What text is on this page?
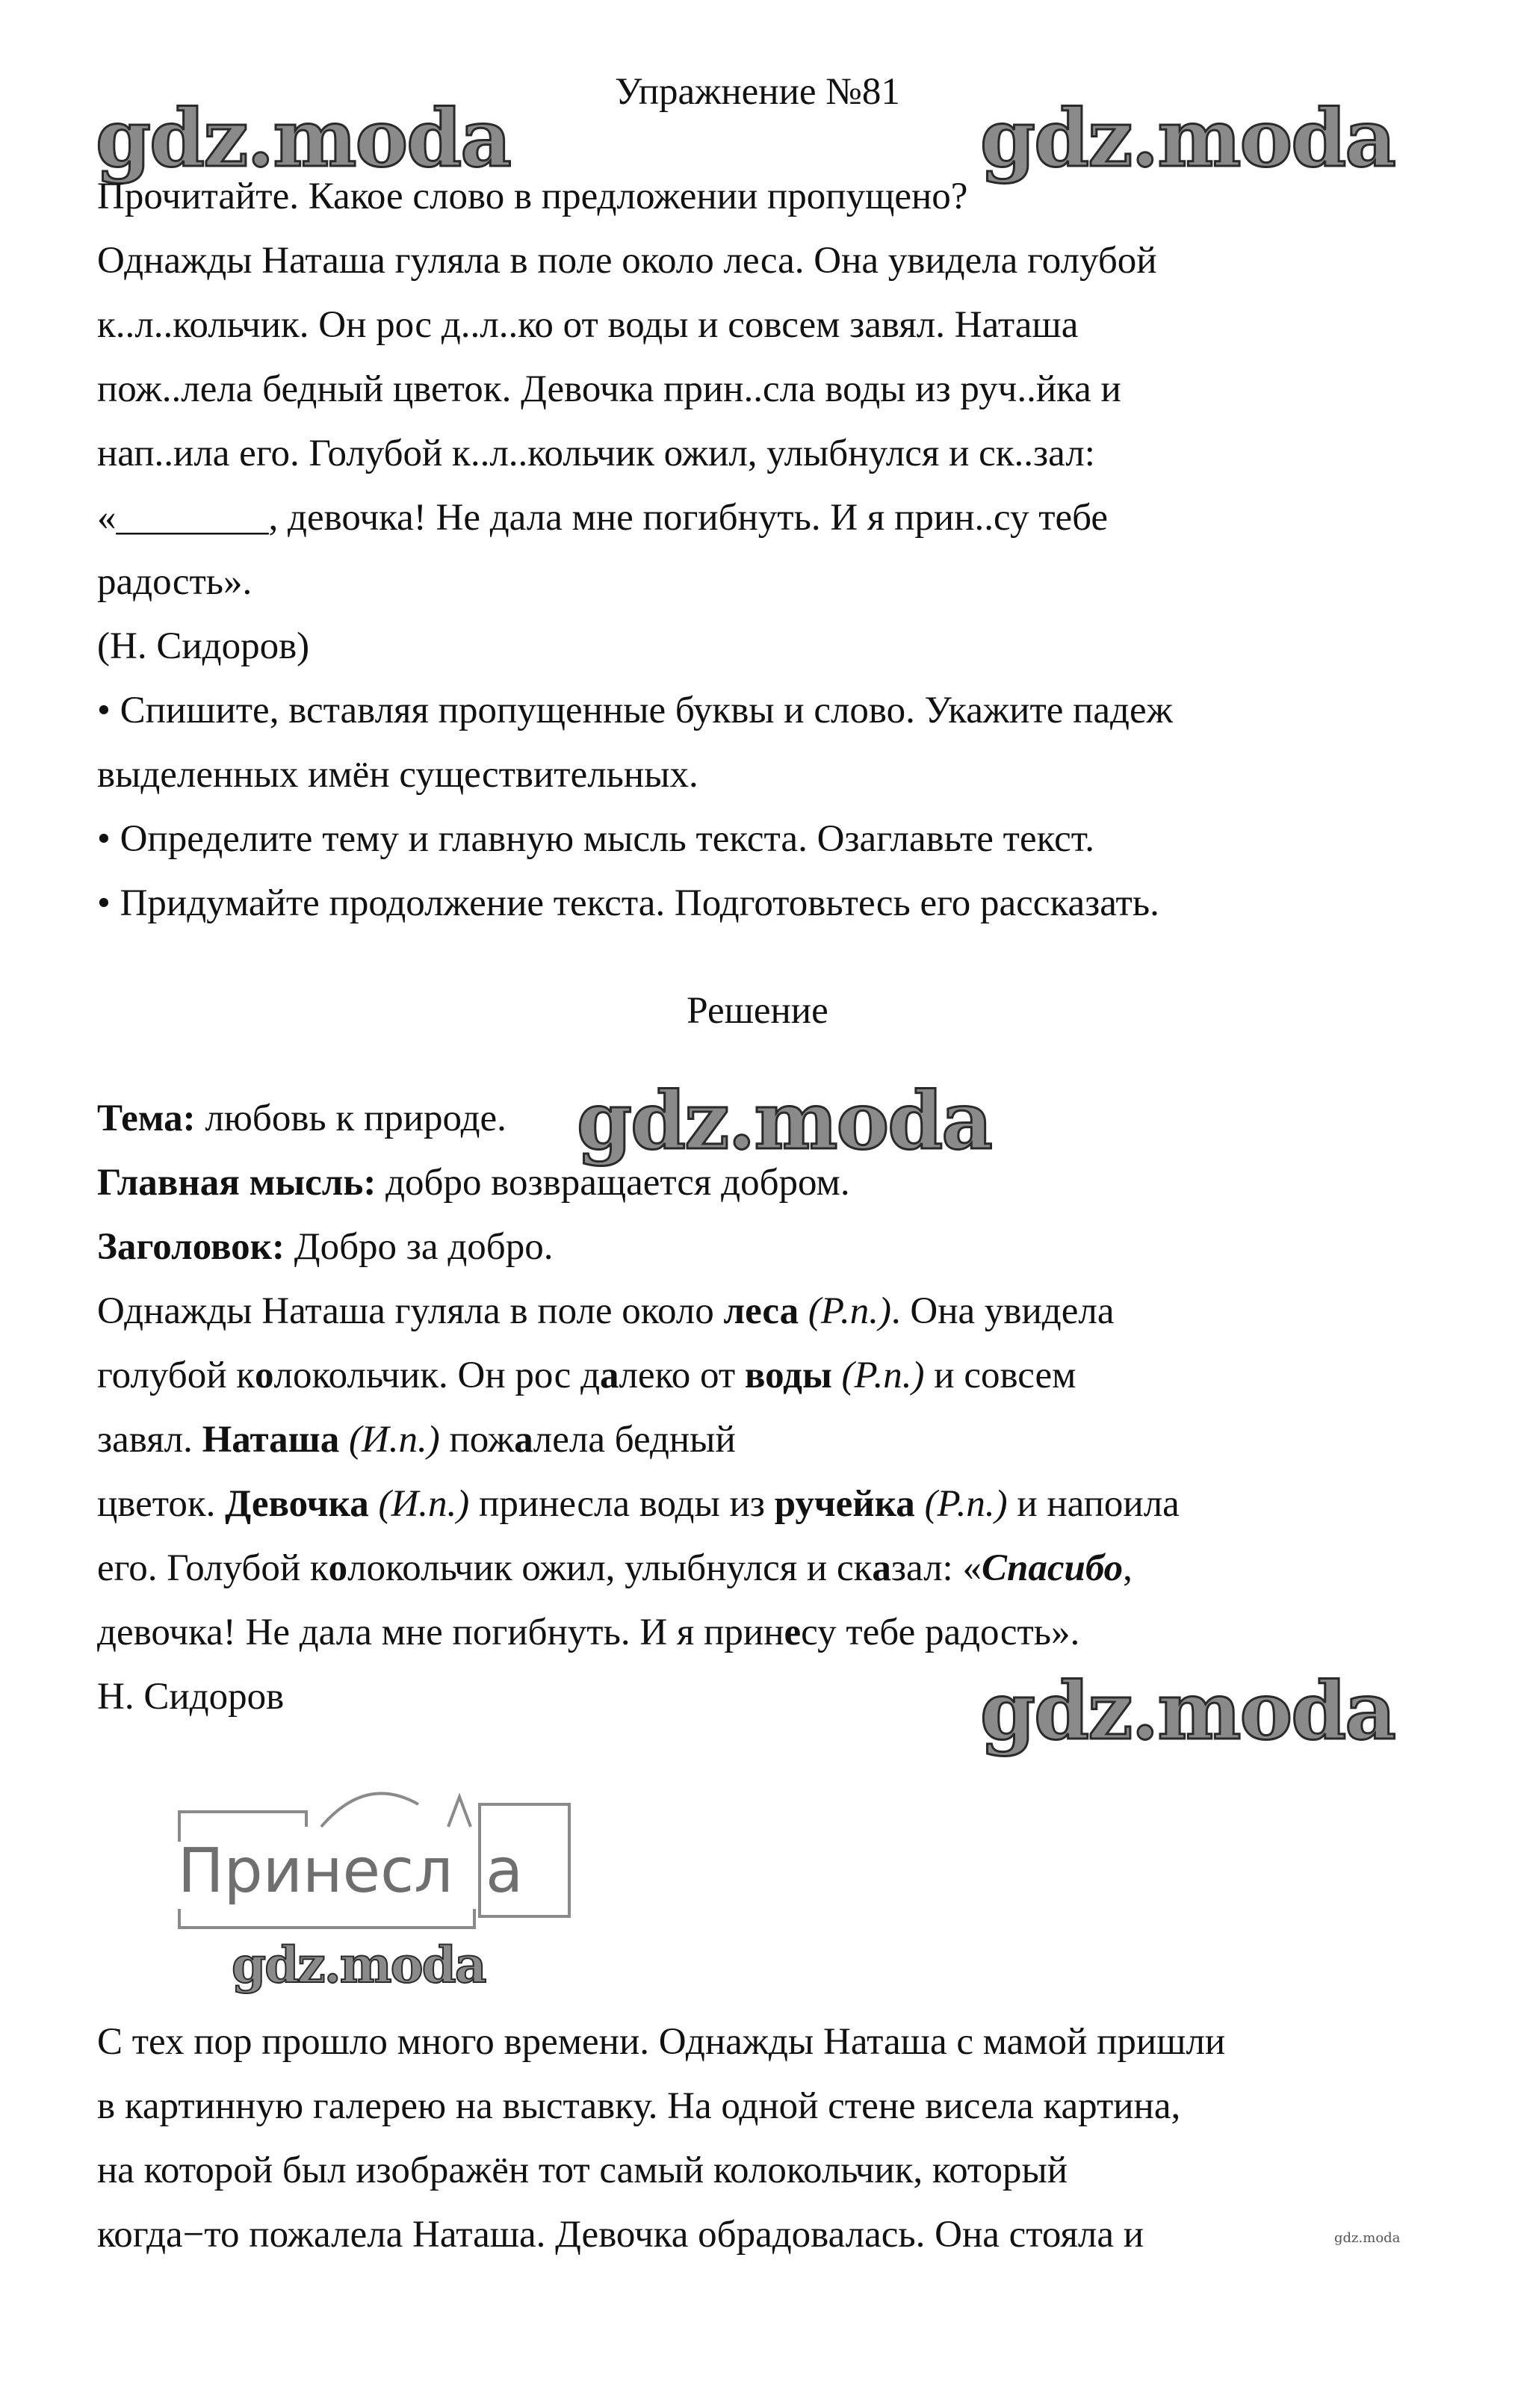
gdz.moda	gdz.moda
gdz.moda
gdz.moda
gdz.moda
gdz.moda
Упражнение №81
Прочитайте. Какое слово в предложении пропущено?
Однажды Наташа гуляла в поле около леса. Она увидела голубой
к..л..кольчик. Он рос д..л..ко от воды и совсем завял. Наташа
пож..лела бедный цветок. Девочка прин..сла воды из руч..йка и
нап..ила его. Голубой к..л..кольчик ожил, улыбнулся и ск..зал:
«________, девочка! Не дала мне погибнуть. И я прин..су тебе
радость».
(Н. Сидоров)
• Спишите, вставляя пропущенные буквы и слово. Укажите падеж
выделенных имён существительных.
• Определите тему и главную мысль текста. Озаглавьте текст.
• Придумайте продолжение текста. Подготовьтесь его рассказать.
Решение
Тема: любовь к природе.
Главная мысль: добро возвращается добром.
Заголовок: Добро за добро.
Однажды Наташа гуляла в поле около леса (Р.п.). Она увидела
голубой колокольчик. Он рос далеко от воды (Р.п.) и совсем
завял. Наташа (И.п.) пожалела бедный
цветок. Девочка (И.п.) принесла воды из ручейка (Р.п.) и напоила
его. Голубой колокольчик ожил, улыбнулся и сказал: «Спасибо,
девочка! Не дала мне погибнуть. И я принесу тебе радость».
Н. Сидоров
Принесл а
С тех пор прошло много времени. Однажды Наташа с мамой пришли
в картинную галерею на выставку. На одной стене висела картина,
на которой был изображён тот самый колокольчик, который
когда−то пожалела Наташа. Девочка обрадовалась. Она стояла и
